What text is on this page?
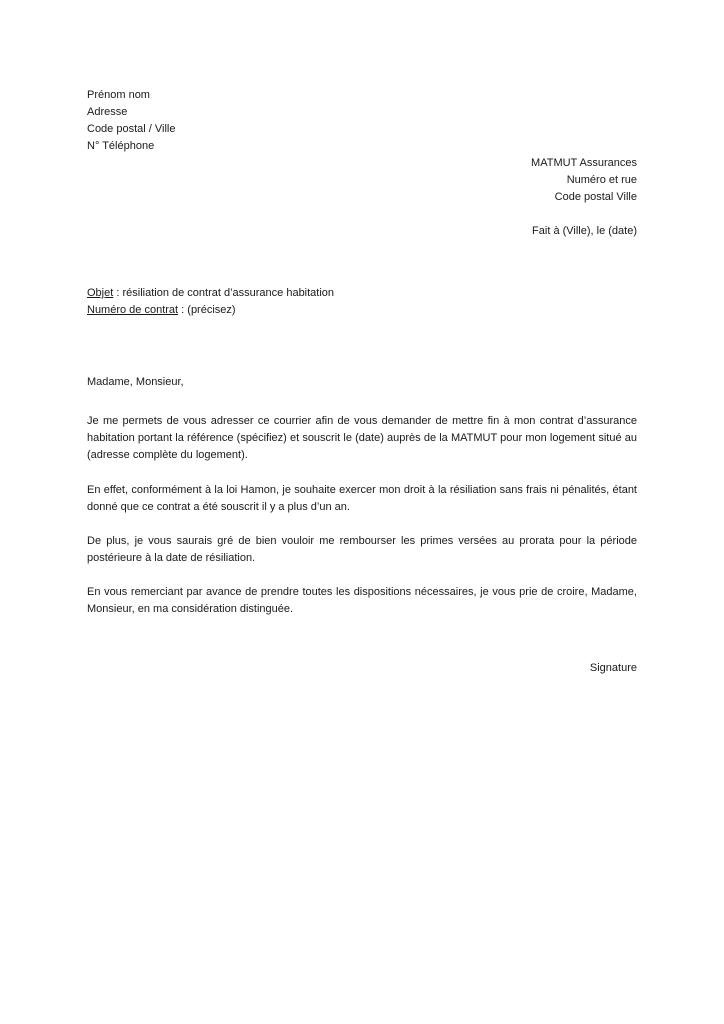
Prénom nom
Adresse
Code postal / Ville
N° Téléphone
MATMUT Assurances
Numéro et rue
Code postal Ville
Fait à (Ville), le (date)
Objet : résiliation de contrat d’assurance habitation
Numéro de contrat : (précisez)
Madame, Monsieur,
Je me permets de vous adresser ce courrier afin de vous demander de mettre fin à mon contrat d’assurance habitation portant la référence (spécifiez) et souscrit le (date) auprès de la MATMUT pour mon logement situé au (adresse complète du logement).
En effet, conformément à la loi Hamon, je souhaite exercer mon droit à la résiliation sans frais ni pénalités, étant donné que ce contrat a été souscrit il y a plus d’un an.
De plus, je vous saurais gré de bien vouloir me rembourser les primes versées au prorata pour la période postérieure à la date de résiliation.
En vous remerciant par avance de prendre toutes les dispositions nécessaires, je vous prie de croire, Madame, Monsieur, en ma considération distinguée.
Signature
